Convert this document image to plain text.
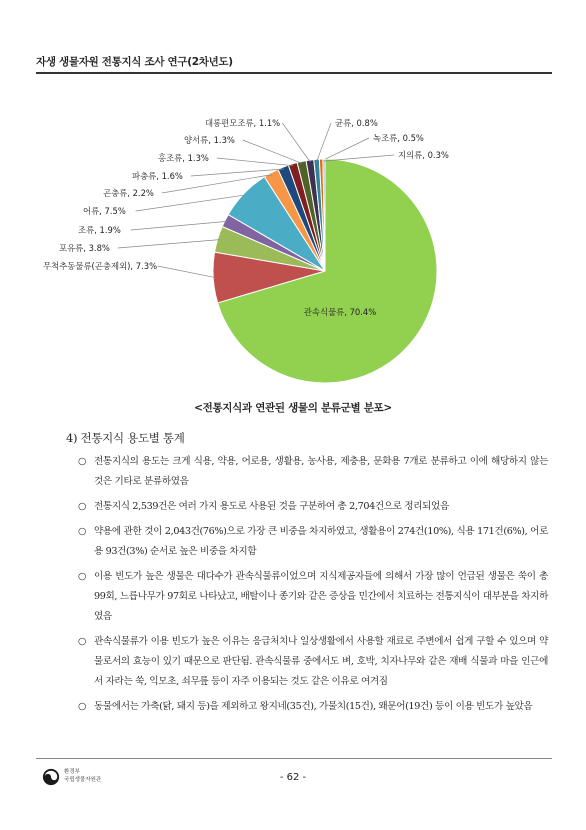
자생 생물자원 전통지식 조사 연구(2차년도)
관속식물류, 70.4%
무척추동물류(곤충제외), 7.3%
포유류, 3.8%
조류, 1.9%
어류, 7.5%
곤충류, 2.2%
파충류, 1.6%
홍조류, 1.3%
양서류, 1.3%
대롱편모조류, 1.1%	균류, 0.8%
녹조류, 0.5%
지의류, 0.3%
<전통지식과 연관된 생물의 분류군별 분포>
4) 전통지식 용도별 통계
○ 전통지식의 용도는 크게 식용, 약용, 어로용, 생활용, 농사용, 제충용, 문화용 7개로 분류하고 이에 해당하지 않는 것은 기타로 분류하였음
○ 전통지식 2,539건은 여러 가지 용도로 사용된 것을 구분하여 총 2,704건으로 정리되었음
○ 약용에 관한 것이 2,043건(76%)으로 가장 큰 비중을 차지하였고, 생활용이 274건(10%), 식용 171건(6%), 어로용 93건(3%) 순서로 높은 비중을 차지함
○ 이용 빈도가 높은 생물은 대다수가 관속식물류이었으며 지식제공자들에 의해서 가장 많이 언급된 생물은 쑥이 총 99회, 느릅나무가 97회로 나타났고, 배탈이나 종기와 같은 증상을 민간에서 치료하는 전통지식이 대부분을 차지하였음
○ 관속식물류가 이용 빈도가 높은 이유는 응급처치나 일상생활에서 사용할 재료로 주변에서 쉽게 구할 수 있으며 약물로서의 효능이 있기 때문으로 판단됨. 관속식물류 중에서도 벼, 호박, 치자나무와 같은 재배 식물과 마을 인근에서 자라는 쑥, 익모초, 쇠무릎 등이 자주 이용되는 것도 같은 이유로 여겨짐
○ 동물에서는 가축(닭, 돼지 등)을 제외하고 왕지네(35건), 가물치(15건), 왜문어(19건) 등이 이용 빈도가 높았음
환경부
국립생물자원관	- 62 -
